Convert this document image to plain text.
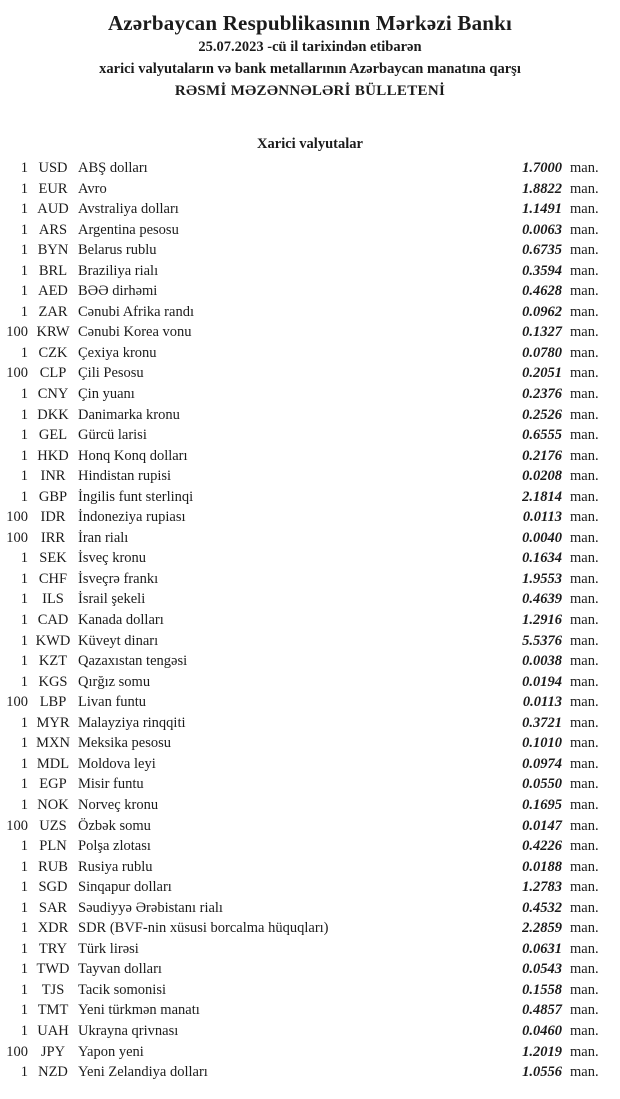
Azərbaycan Respublikasının Mərkəzi Bankı
25.07.2023 -cü il tarixindən etibarən
xarici valyutaların və bank metallarının Azərbaycan manatına qarşı
RƏSMİ MƏZƏNNƏLƏRİ BÜLLETENİ
Xarici valyutalar
1 USD ABŞ dolları	1.7000 man.
1 EUR Avro	1.8822 man.
1 AUD Avstraliya dolları	1.1491 man.
1 ARS Argentina pesosu	0.0063 man.
1 BYN Belarus rublu	0.6735 man.
1 BRL Braziliya rialı	0.3594 man.
1 AED BƏƏ dirhəmi	0.4628 man.
1 ZAR Cənubi Afrika randı	0.0962 man.
100 KRW Cənubi Korea vonu	0.1327 man.
1 CZK Çexiya kronu	0.0780 man.
100 CLP Çili Pesosu	0.2051 man.
1 CNY Çin yuanı	0.2376 man.
1 DKK Danimarka kronu	0.2526 man.
1 GEL Gürcü larisi	0.6555 man.
1 HKD Honq Konq dolları	0.2176 man.
1 INR Hindistan rupisi	0.0208 man.
1 GBP İngilis funt sterlinqi	2.1814 man.
100 IDR İndoneziya rupiası	0.0113 man.
100 IRR İran rialı	0.0040 man.
1 SEK İsveç kronu	0.1634 man.
1 CHF İsveçrə frankı	1.9553 man.
1 ILS İsrail şekeli	0.4639 man.
1 CAD Kanada dolları	1.2916 man.
1 KWD Küveyt dinarı	5.5376 man.
1 KZT Qazaxıstan tengəsi	0.0038 man.
1 KGS Qırğız somu	0.0194 man.
100 LBP Livan funtu	0.0113 man.
1 MYR Malayziya rinqqiti	0.3721 man.
1 MXN Meksika pesosu	0.1010 man.
1 MDL Moldova leyi	0.0974 man.
1 EGP Misir funtu	0.0550 man.
1 NOK Norveç kronu	0.1695 man.
100 UZS Özbək somu	0.0147 man.
1 PLN Polşa zlotası	0.4226 man.
1 RUB Rusiya rublu	0.0188 man.
1 SGD Sinqapur dolları	1.2783 man.
1 SAR Səudiyyə Ərəbistanı rialı	0.4532 man.
1 XDR SDR (BVF-nin xüsusi borcalma hüquqları)	2.2859 man.
1 TRY Türk lirəsi	0.0631 man.
1 TWD Tayvan dolları	0.0543 man.
1 TJS Tacik somonisi	0.1558 man.
1 TMT Yeni türkmən manatı	0.4857 man.
1 UAH Ukrayna qrivnası	0.0460 man.
100 JPY Yapon yeni	1.2019 man.
1 NZD Yeni Zelandiya dolları	1.0556 man.
